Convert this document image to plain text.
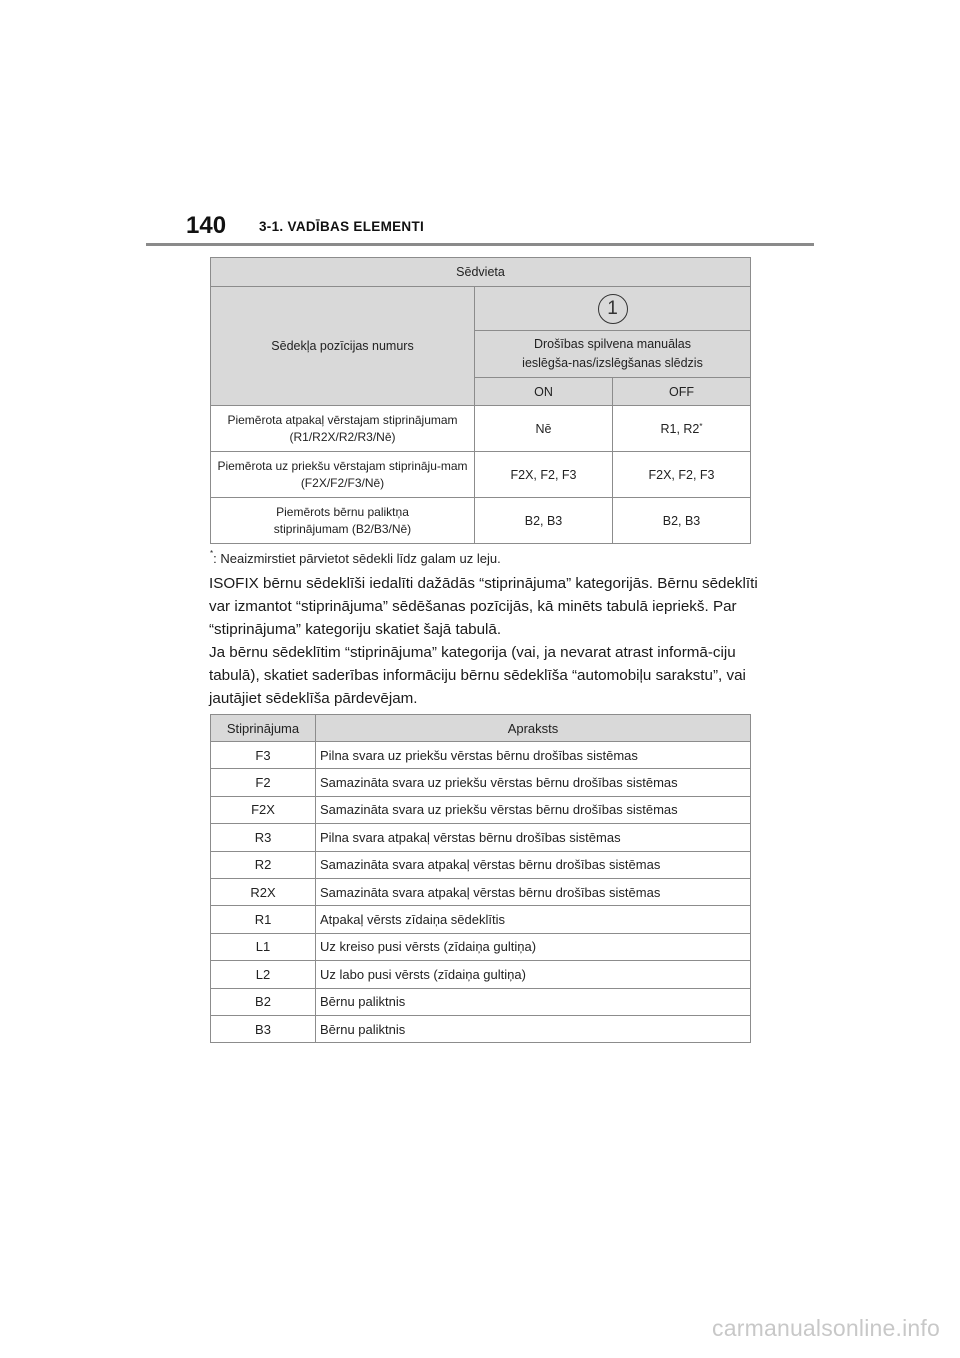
140 3-1. VADĪBAS ELEMENTI
Sēdvieta		
Sēdekļa pozīcijas numurs	1	
	Drošības spilvena manuālas ieslēgša-nas/izslēgšanas slēdzis	
	ON	OFF
Piemērota atpakaļ vērstajam stiprinājumam (R1/R2X/R2/R3/Nē)	Nē	R1, R2*
Piemērota uz priekšu vērstajam stiprināju-mam (F2X/F2/F3/Nē)	F2X, F2, F3	F2X, F2, F3
Piemērots bērnu paliktņa stiprinājumam (B2/B3/Nē)	B2, B3	B2, B3
*: Neaizmirstiet pārvietot sēdekli līdz galam uz leju.

ISOFIX bērnu sēdeklīši iedalīti dažādās “stiprinājuma” kategorijās. Bērnu sēdeklīti var izmantot “stiprinājuma” sēdēšanas pozīcijās, kā minēts tabulā iepriekš. Par “stiprinājuma” kategoriju skatiet šajā tabulā.

Ja bērnu sēdeklītim “stiprinājuma” kategorija (vai, ja nevarat atrast informā-ciju tabulā), skatiet saderības informāciju bērnu sēdeklīša “automobiļu sarakstu”, vai jautājiet sēdeklīša pārdevējam.

Stiprinājuma	Apraksts
F3	Pilna svara uz priekšu vērstas bērnu drošības sistēmas
F2	Samazināta svara uz priekšu vērstas bērnu drošības sistēmas
F2X	Samazināta svara uz priekšu vērstas bērnu drošības sistēmas
R3	Pilna svara atpakaļ vērstas bērnu drošības sistēmas
R2	Samazināta svara atpakaļ vērstas bērnu drošības sistēmas
R2X	Samazināta svara atpakaļ vērstas bērnu drošības sistēmas
R1	Atpakaļ vērsts zīdaiņa sēdeklītis
L1	Uz kreiso pusi vērsts (zīdaiņa gultiņa)
L2	Uz labo pusi vērsts (zīdaiņa gultiņa)
B2	Bērnu paliktnis
B3	Bērnu paliktnis
carmanualsonline.info
